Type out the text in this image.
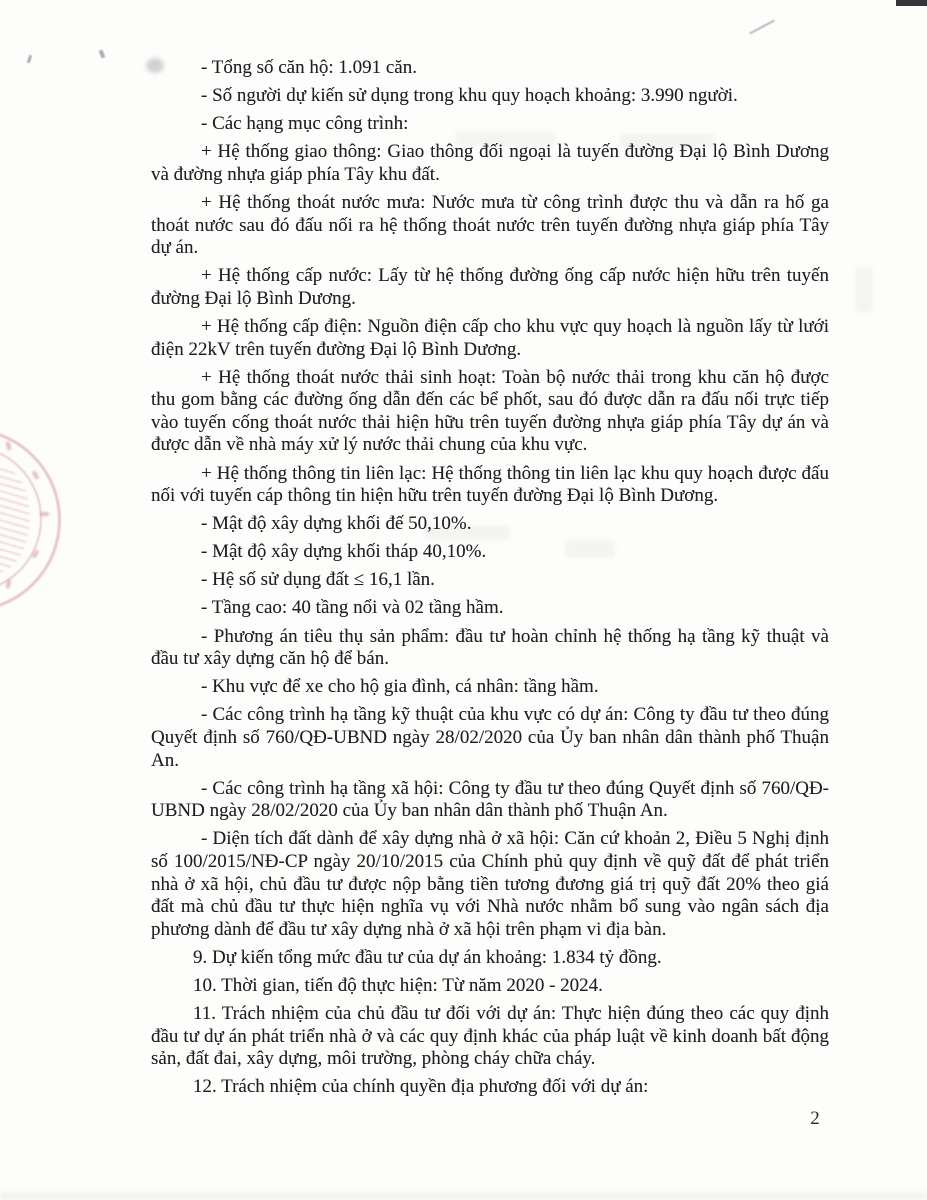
- Tổng số căn hộ: 1.091 căn.

- Số người dự kiến sử dụng trong khu quy hoạch khoảng: 3.990 người.

- Các hạng mục công trình:

+ Hệ thống giao thông: Giao thông đối ngoại là tuyến đường Đại lộ Bình Dương và đường nhựa giáp phía Tây khu đất.

+ Hệ thống thoát nước mưa: Nước mưa từ công trình được thu và dẫn ra hố ga thoát nước sau đó đấu nối ra hệ thống thoát nước trên tuyến đường nhựa giáp phía Tây dự án.

+ Hệ thống cấp nước: Lấy từ hệ thống đường ống cấp nước hiện hữu trên tuyến đường Đại lộ Bình Dương.

+ Hệ thống cấp điện: Nguồn điện cấp cho khu vực quy hoạch là nguồn lấy từ lưới điện 22kV trên tuyến đường Đại lộ Bình Dương.

+ Hệ thống thoát nước thải sinh hoạt: Toàn bộ nước thải trong khu căn hộ được thu gom bằng các đường ống dẫn đến các bể phốt, sau đó được dẫn ra đấu nối trực tiếp vào tuyến cống thoát nước thải hiện hữu trên tuyến đường nhựa giáp phía Tây dự án và được dẫn về nhà máy xử lý nước thải chung của khu vực.

+ Hệ thống thông tin liên lạc: Hệ thống thông tin liên lạc khu quy hoạch được đấu nối với tuyến cáp thông tin hiện hữu trên tuyến đường Đại lộ Bình Dương.

- Mật độ xây dựng khối đế 50,10%.

- Mật độ xây dựng khối tháp 40,10%.

- Hệ số sử dụng đất ≤ 16,1 lần.

- Tầng cao: 40 tầng nổi và 02 tầng hầm.

- Phương án tiêu thụ sản phẩm: đầu tư hoàn chỉnh hệ thống hạ tầng kỹ thuật và đầu tư xây dựng căn hộ để bán.

- Khu vực để xe cho hộ gia đình, cá nhân: tầng hầm.

- Các công trình hạ tầng kỹ thuật của khu vực có dự án: Công ty đầu tư theo đúng Quyết định số 760/QĐ-UBND ngày 28/02/2020 của Ủy ban nhân dân thành phố Thuận An.

- Các công trình hạ tầng xã hội: Công ty đầu tư theo đúng Quyết định số 760/QĐ-UBND ngày 28/02/2020 của Ủy ban nhân dân thành phố Thuận An.

- Diện tích đất dành để xây dựng nhà ở xã hội: Căn cứ khoản 2, Điều 5 Nghị định số 100/2015/NĐ-CP ngày 20/10/2015 của Chính phủ quy định về quỹ đất để phát triển nhà ở xã hội, chủ đầu tư được nộp bằng tiền tương đương giá trị quỹ đất 20% theo giá đất mà chủ đầu tư thực hiện nghĩa vụ với Nhà nước nhằm bổ sung vào ngân sách địa phương dành để đầu tư xây dựng nhà ở xã hội trên phạm vi địa bàn.

9. Dự kiến tổng mức đầu tư của dự án khoảng: 1.834 tỷ đồng.

10. Thời gian, tiến độ thực hiện: Từ năm 2020 - 2024.

11. Trách nhiệm của chủ đầu tư đối với dự án: Thực hiện đúng theo các quy định đầu tư dự án phát triển nhà ở và các quy định khác của pháp luật về kinh doanh bất động sản, đất đai, xây dựng, môi trường, phòng cháy chữa cháy.

12. Trách nhiệm của chính quyền địa phương đối với dự án:

2
